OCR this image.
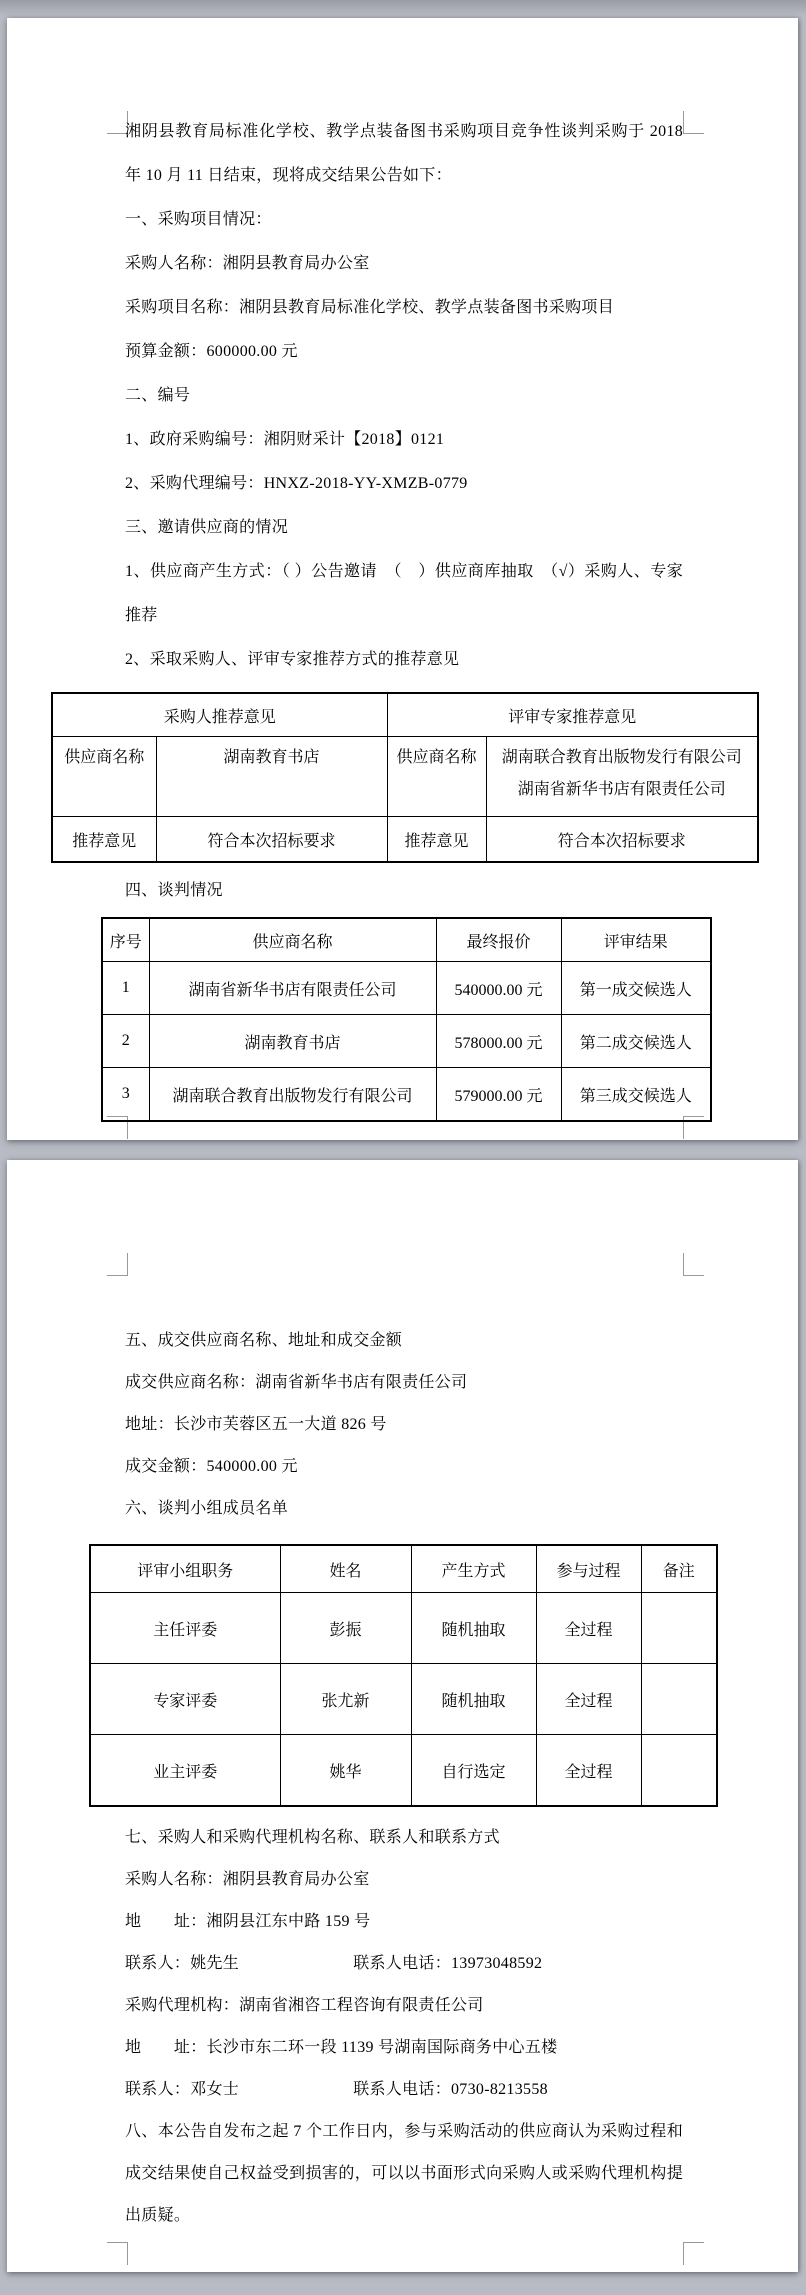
湘阴县教育局标准化学校、教学点装备图书采购项目竞争性谈判采购于 2018 年 10 月 11 日结束，现将成交结果公告如下：

一、采购项目情况：

采购人名称：湘阴县教育局办公室

采购项目名称：湘阴县教育局标准化学校、教学点装备图书采购项目

预算金额：600000.00 元

二、编号

1、政府采购编号：湘阴财采计【2018】0121

2、采购代理编号：HNXZ-2018-YY-XMZB-0779

三、邀请供应商的情况

1、供应商产生方式：（ ）公告邀请　（　）供应商库抽取　（√）采购人、专家推荐

2、采取采购人、评审专家推荐方式的推荐意见

采购人推荐意见		评审专家推荐意见	
供应商名称	湖南教育书店	供应商名称	湖南联合教育出版物发行有限公司
湖南省新华书店有限责任公司

推荐意见	符合本次招标要求	推荐意见	符合本次招标要求

四、谈判情况

序号	供应商名称	最终报价	评审结果
1	湖南省新华书店有限责任公司	540000.00 元	第一成交候选人
2	湖南教育书店	578000.00 元	第二成交候选人
3	湖南联合教育出版物发行有限公司	579000.00 元	第三成交候选人

五、成交供应商名称、地址和成交金额

成交供应商名称：湖南省新华书店有限责任公司

地址：长沙市芙蓉区五一大道 826 号

成交金额：540000.00 元

六、谈判小组成员名单

评审小组职务	姓名	产生方式	参与过程	备注
主任评委	彭振	随机抽取	全过程	
专家评委	张尤新	随机抽取	全过程	
业主评委	姚华	自行选定	全过程	

七、采购人和采购代理机构名称、联系人和联系方式

采购人名称：湘阴县教育局办公室

地　　址：湘阴县江东中路 159 号

联系人：姚先生　　　　　　　联系人电话：13973048592

采购代理机构：湖南省湘咨工程咨询有限责任公司

地　　址：长沙市东二环一段 1139 号湖南国际商务中心五楼

联系人：邓女士　　　　　　　联系人电话：0730-8213558

八、本公告自发布之起 7 个工作日内，参与采购活动的供应商认为采购过程和成交结果使自己权益受到损害的，可以以书面形式向采购人或采购代理机构提出质疑。
